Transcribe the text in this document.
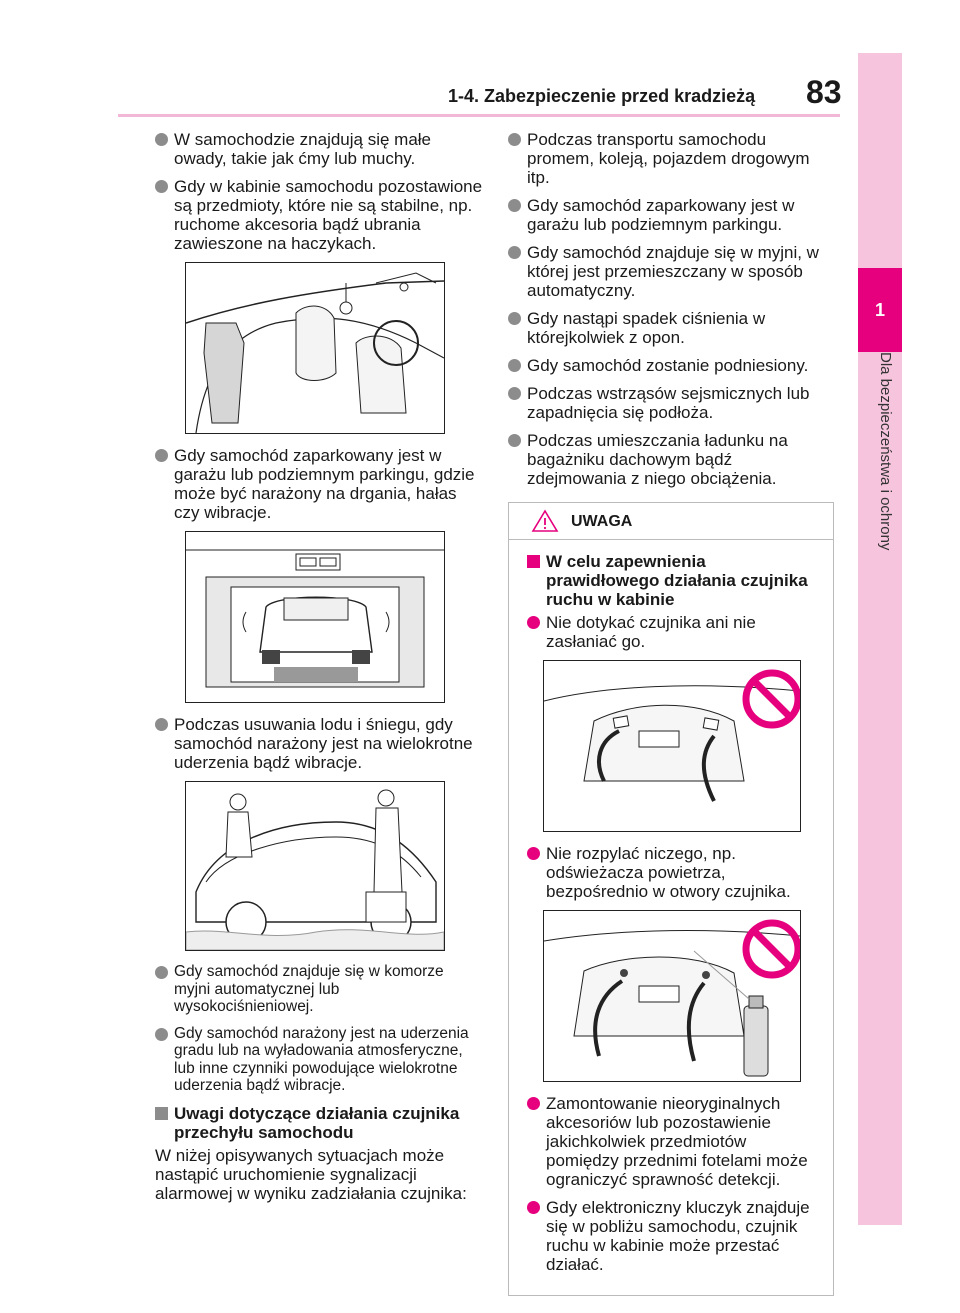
1-4. Zabezpieczenie przed kradzieżą 83
1
Dla bezpieczeństwa i ochrony
W samochodzie znajdują się małe owady, takie jak ćmy lub muchy.
Gdy w kabinie samochodu pozostawione są przedmioty, które nie są stabilne, np. ruchome akcesoria bądź ubrania zawieszone na haczykach.
Gdy samochód zaparkowany jest w garażu lub podziemnym parkingu, gdzie może być narażony na drgania, hałas czy wibracje.
Podczas usuwania lodu i śniegu, gdy samochód narażony jest na wielokrotne uderzenia bądź wibracje.
Gdy samochód znajduje się w komorze myjni automatycznej lub wysokociśnieniowej.
Gdy samochód narażony jest na uderzenia gradu lub na wyładowania atmosferyczne, lub inne czynniki powodujące wielokrotne uderzenia bądź wibracje.
Uwagi dotyczące działania czujnika przechyłu samochodu

W niżej opisywanych sytuacjach może nastąpić uruchomienie sygnalizacji alarmowej w wyniku zadziałania czujnika:

Podczas transportu samochodu promem, koleją, pojazdem drogowym itp.
Gdy samochód zaparkowany jest w garażu lub podziemnym parkingu.
Gdy samochód znajduje się w myjni, w której jest przemieszczany w sposób automatyczny.
Gdy nastąpi spadek ciśnienia w którejkolwiek z opon.
Gdy samochód zostanie podniesiony.
Podczas wstrząsów sejsmicznych lub zapadnięcia się podłoża.
Podczas umieszczania ładunku na bagażniku dachowym bądź zdejmowania z niego obciążenia.
UWAGA
W celu zapewnienia prawidłowego działania czujnika ruchu w kabinie
Nie dotykać czujnika ani nie zasłaniać go.
Nie rozpylać niczego, np. odświeżacza powietrza, bezpośrednio w otwory czujnika.
Zamontowanie nieoryginalnych akcesoriów lub pozostawienie jakichkolwiek przedmiotów pomiędzy przednimi fotelami może ograniczyć sprawność detekcji.
Gdy elektroniczny kluczyk znajduje się w pobliżu samochodu, czujnik ruchu w kabinie może przestać działać.
